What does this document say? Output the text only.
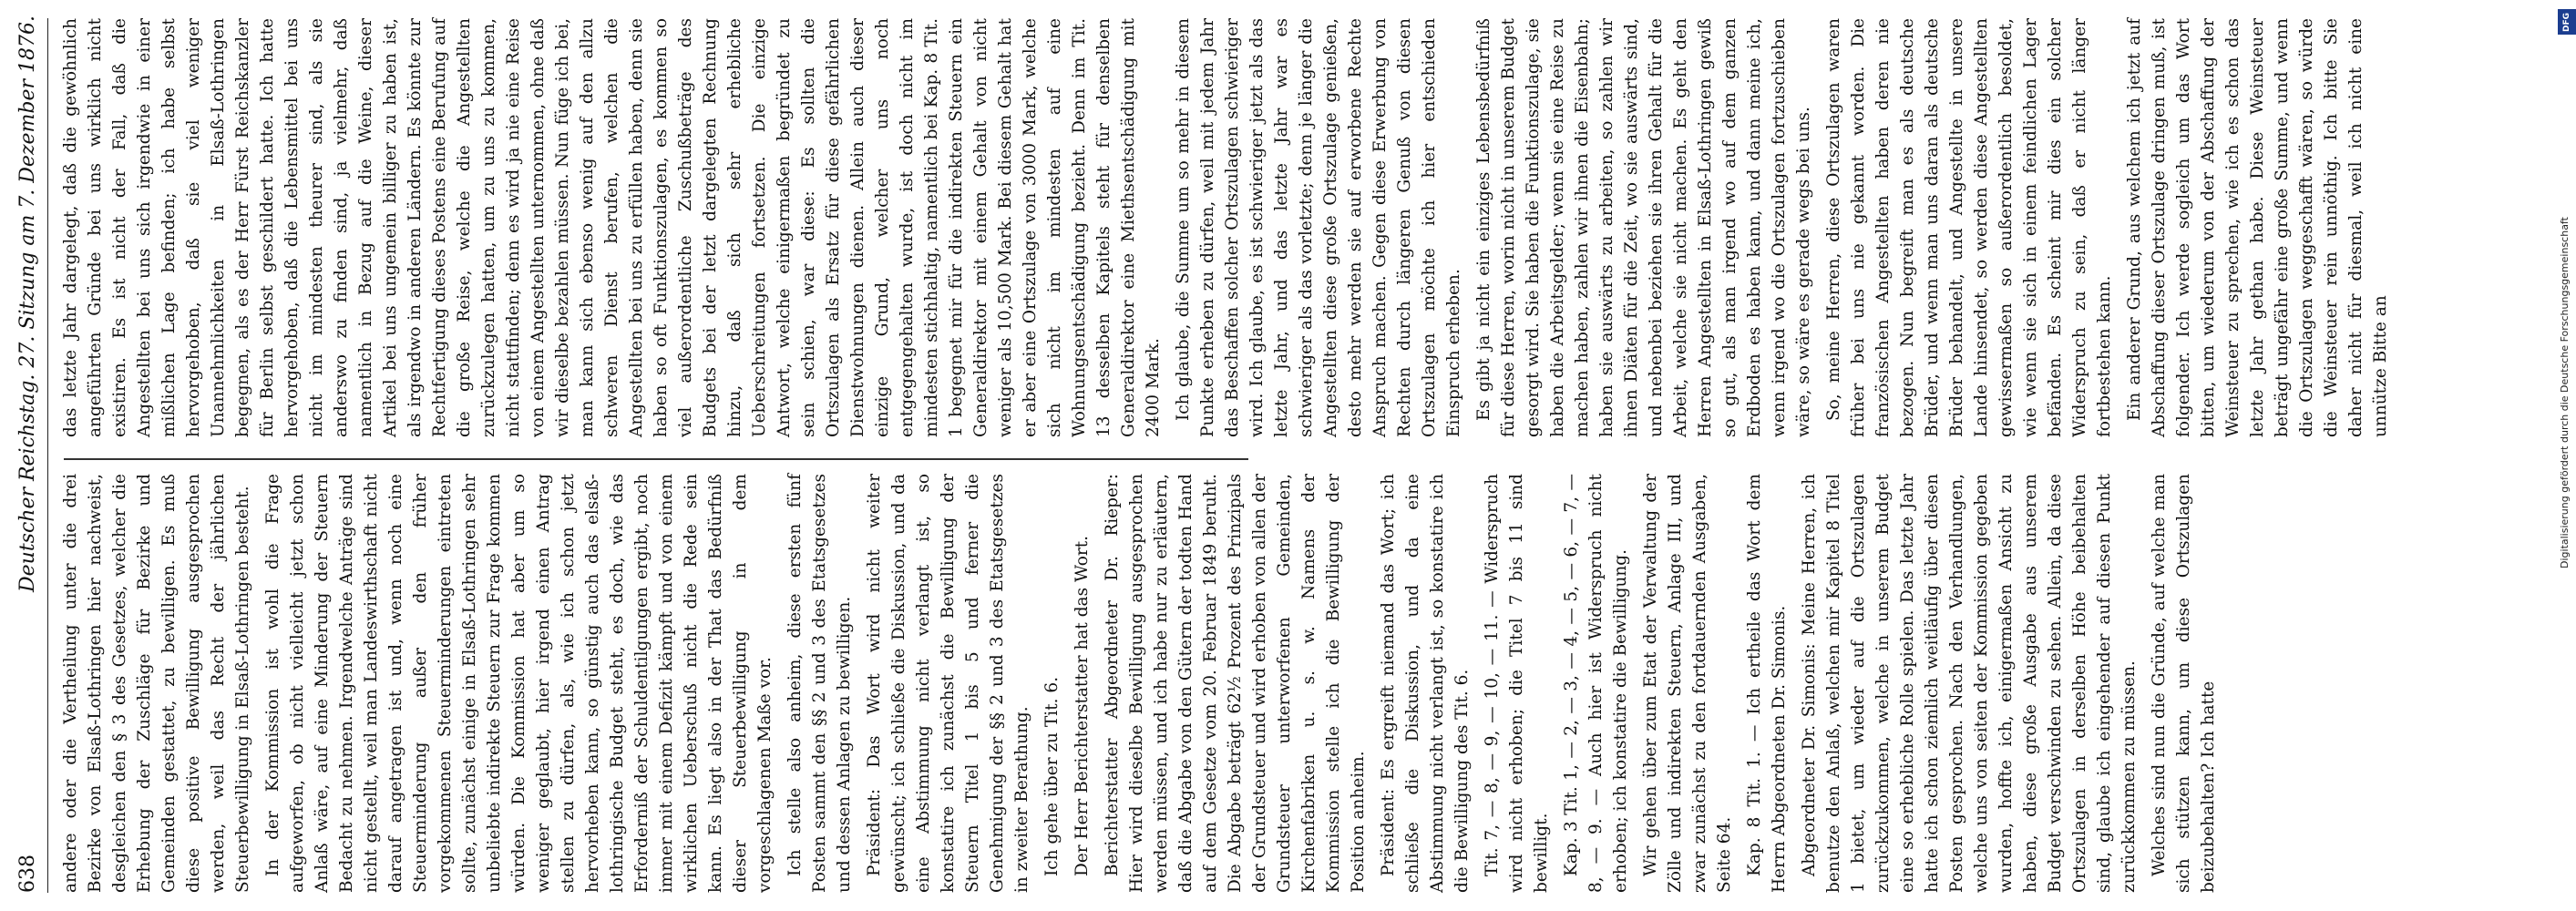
638
Deutscher Reichstag. 27. Sitzung am 7. Dezember 1876.

andere oder die Vertheilung unter die drei Bezirke von Elsaß-Lothringen hier nachweist, desgleichen den § 3 des Gesetzes, welcher die Erhebung der Zuschläge für Bezirke und Gemeinden gestattet, zu bewilligen. Es muß diese positive Bewilligung ausgesprochen werden, weil das Recht der jährlichen Steuerbewilligung in Elsaß-Lothringen besteht. In der Kommission ist wohl die Frage aufgeworfen, ob nicht vielleicht jetzt schon Anlaß wäre, auf eine Minderung der Steuern Bedacht zu nehmen. Irgendwelche Anträge sind nicht gestellt, weil man Landeswirthschaft nicht darauf angetragen ist und, wenn noch eine Steuerminderung außer den früher vorgekommenen Steuerminderungen eintreten sollte, zunächst einige in Elsaß-Lothringen sehr unbeliebte indirekte Steuern zur Frage kommen würden. Die Kommission hat aber um so weniger geglaubt, hier irgend einen Antrag stellen zu dürfen, als, wie ich schon jetzt hervorheben kann, so günstig auch das elsaß-lothringische Budget steht, es doch, wie das Erforderniß der Schuldentilgungen ergibt, noch immer mit einem Defizit kämpft und von einem wirklichen Ueberschuß nicht die Rede sein kann. Es liegt also in der That das Bedürfniß dieser Steuerbewilligung in dem vorgeschlagenen Maße vor. Ich stelle also anheim, diese ersten fünf Posten sammt den §§ 2 und 3 des Etatsgesetzes und dessen Anlagen zu bewilligen. Präsident: Das Wort wird nicht weiter gewünscht; ich schließe die Diskussion, und da eine Abstimmung nicht verlangt ist, so konstatire ich zunächst die Bewilligung der Steuern Titel 1 bis 5 und ferner die Genehmigung der §§ 2 und 3 des Etatsgesetzes in zweiter Berathung. Ich gehe über zu Tit. 6. Der Herr Berichterstatter hat das Wort. Berichterstatter Abgeordneter Dr. Rieper: Hier wird dieselbe Bewilligung ausgesprochen werden müssen, und ich habe nur zu erläutern, daß die Abgabe von den Gütern der todten Hand auf dem Gesetze vom 20. Februar 1849 beruht. Die Abgabe beträgt 62½ Prozent des Prinzipals der Grundsteuer und wird erhoben von allen der Grundsteuer unterworfenen Gemeinden, Kirchenfabriken u. s. w. Namens der Kommission stelle ich die Bewilligung der Position anheim. Präsident: Es ergreift niemand das Wort; ich schließe die Diskussion, und da eine Abstimmung nicht verlangt ist, so konstatire ich die Bewilligung des Tit. 6. Tit. 7, — 8, — 9, — 10, — 11. — Widerspruch wird nicht erhoben; die Titel 7 bis 11 sind bewilligt. Kap. 3 Tit. 1, — 2, — 3, — 4, — 5, — 6, — 7, — 8, — 9. — Auch hier ist Widerspruch nicht erhoben; ich konstatire die Bewilligung. Wir gehen über zum Etat der Verwaltung der Zölle und indirekten Steuern, Anlage III, und zwar zunächst zu den fortdauernden Ausgaben, Seite 64. Kap. 8 Tit. 1. — Ich ertheile das Wort dem Herrn Abgeordneten Dr. Simonis. Abgeordneter Dr. Simonis: Meine Herren, ich benutze den Anlaß, welchen mir Kapitel 8 Titel 1 bietet, um wieder auf die Ortszulagen zurückzukommen, welche in unserem Budget eine so erhebliche Rolle spielen. Das letzte Jahr hatte ich schon ziemlich weitläufig über diesen Posten gesprochen. Nach den Verhandlungen, welche uns von seiten der Kommission gegeben wurden, hoffte ich, einigermaßen Ansicht zu haben, diese große Ausgabe aus unserem Budget verschwinden zu sehen. Allein, da diese Ortszulagen in derselben Höhe beibehalten sind, glaube ich eingehender auf diesen Punkt zurückkommen zu müssen. Welches sind nun die Gründe, auf welche man sich stützen kann, um diese Ortszulagen beizubehalten? Ich hatte

das letzte Jahr dargelegt, daß die gewöhnlich angeführten Gründe bei uns wirklich nicht existiren. Es ist nicht der Fall, daß die Angestellten bei uns sich irgendwie in einer mißlichen Lage befinden; ich habe selbst hervorgehoben, daß sie viel weniger Unannehmlichkeiten in Elsaß-Lothringen begegnen, als es der Herr Fürst Reichskanzler für Berlin selbst geschildert hatte. Ich hatte hervorgehoben, daß die Lebensmittel bei uns nicht im mindesten theurer sind, als sie anderswo zu finden sind, ja vielmehr, daß namentlich in Bezug auf die Weine, dieser Artikel bei uns ungemein billiger zu haben ist, als irgendwo in anderen Ländern. Es könnte zur Rechtfertigung dieses Postens eine Berufung auf die große Reise, welche die Angestellten zurückzulegen hatten, um zu uns zu kommen, nicht stattfinden; denn es wird ja nie eine Reise von einem Angestellten unternommen, ohne daß wir dieselbe bezahlen müssen. Nun füge ich bei, man kann sich ebenso wenig auf den allzu schweren Dienst berufen, welchen die Angestellten bei uns zu erfüllen haben, denn sie haben so oft Funktionszulagen, es kommen so viel außerordentliche Zuschußbeträge des Budgets bei der letzt dargelegten Rechnung hinzu, daß sich sehr erhebliche Ueberschreitungen fortsetzen. Die einzige Antwort, welche einigermaßen begründet zu sein schien, war diese: Es sollten die Ortszulagen als Ersatz für diese gefährlichen Dienstwohnungen dienen. Allein auch dieser einzige Grund, welcher uns noch entgegengehalten wurde, ist doch nicht im mindesten stichhaltig, namentlich bei Kap. 8 Tit. 1 begegnet mir für die indirekten Steuern ein Generaldirektor mit einem Gehalt von nicht weniger als 10,500 Mark. Bei diesem Gehalt hat er aber eine Ortszulage von 3000 Mark, welche sich nicht im mindesten auf eine Wohnungsentschädigung bezieht. Denn im Tit. 13 desselben Kapitels steht für denselben Generaldirektor eine Miethsentschädigung mit 2400 Mark. Ich glaube, die Summe um so mehr in diesem Punkte erheben zu dürfen, weil mit jedem Jahr das Beschaffen solcher Ortszulagen schwieriger wird. Ich glaube, es ist schwieriger jetzt als das letzte Jahr, und das letzte Jahr war es schwieriger als das vorletzte; denn je länger die Angestellten diese große Ortszulage genießen, desto mehr werden sie auf erworbene Rechte Anspruch machen. Gegen diese Erwerbung von Rechten durch längeren Genuß von diesen Ortszulagen möchte ich hier entschieden Einspruch erheben. Es gibt ja nicht ein einziges Lebensbedürfniß für diese Herren, worin nicht in unserem Budget gesorgt wird. Sie haben die Funktionszulage, sie haben die Arbeitsgelder; wenn sie eine Reise zu machen haben, zahlen wir ihnen die Eisenbahn; haben sie auswärts zu arbeiten, so zahlen wir ihnen Diäten für die Zeit, wo sie auswärts sind, und nebenbei beziehen sie ihren Gehalt für die Arbeit, welche sie nicht machen. Es geht den Herren Angestellten in Elsaß-Lothringen gewiß so gut, als man irgend wo auf dem ganzen Erdboden es haben kann, und dann meine ich, wenn irgend wo die Ortszulagen fortzuschieben wäre, so wäre es gerade wegs bei uns. So, meine Herren, diese Ortszulagen waren früher bei uns nie gekannt worden. Die französischen Angestellten haben deren nie bezogen. Nun begreift man es als deutsche Brüder, und wenn man uns daran als deutsche Brüder behandelt, und Angestellte in unsere Lande hinsendet, so werden diese Angestellten gewissermaßen so außerordentlich besoldet, wie wenn sie sich in einem feindlichen Lager befänden. Es scheint mir dies ein solcher Widerspruch zu sein, daß er nicht länger fortbestehen kann. Ein anderer Grund, aus welchem ich jetzt auf Abschaffung dieser Ortszulage dringen muß, ist folgender. Ich werde sogleich um das Wort bitten, um wiederum von der Abschaffung der Weinsteuer zu sprechen, wie ich es schon das letzte Jahr gethan habe. Diese Weinsteuer beträgt ungefähr eine große Summe, und wenn die Ortszulagen weggeschafft wären, so würde die Weinsteuer rein unnöthig. Ich bitte Sie daher nicht für diesmal, weil ich nicht eine unnütze Bitte an

DFG
Digitalisierung gefördert durch die Deutsche Forschungsgemeinschaft
